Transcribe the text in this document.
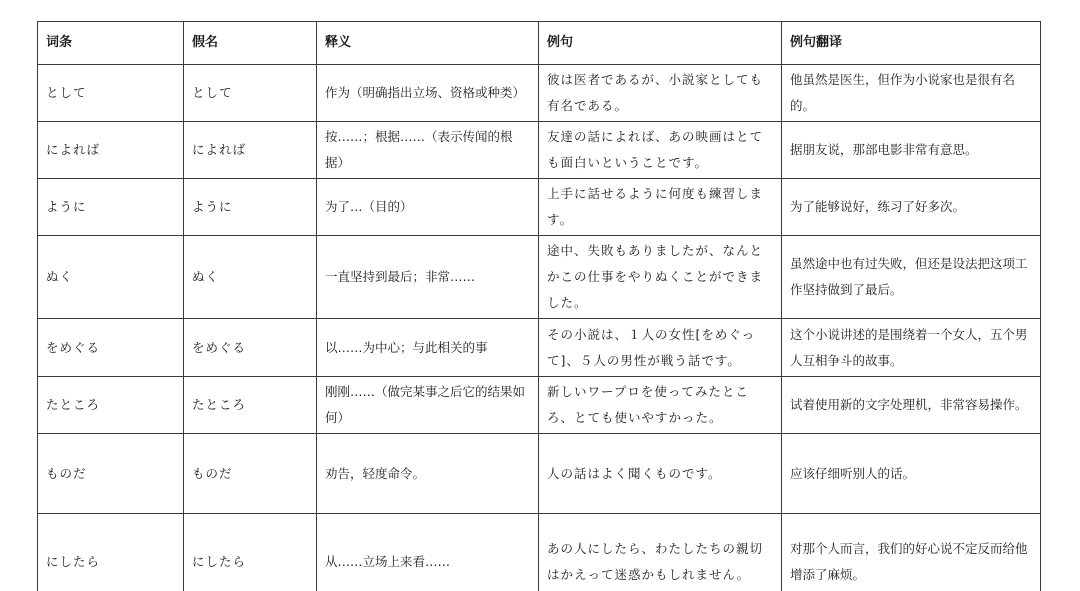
词条	假名	释义	例句	例句翻译
として	として	作为（明确指出立场、资格或种类）	彼は医者であるが、小説家としても有名である。	他虽然是医生，但作为小说家也是很有名的。
によれば	によれば	按……；根据……（表示传闻的根据）	友達の話によれば、あの映画はとても面白いということです。	据朋友说，那部电影非常有意思。
ように	ように	为了…（目的）	上手に話せるように何度も練習します。	为了能够说好，练习了好多次。
ぬく	ぬく	一直坚持到最后；非常……	途中、失敗もありましたが、なんとかこの仕事をやりぬくことができました。	虽然途中也有过失败，但还是设法把这项工作坚持做到了最后。
をめぐる	をめぐる	以……为中心；与此相关的事	その小説は、１人の女性[をめぐって]、５人の男性が戦う話です。	这个小说讲述的是围绕着一个女人，五个男人互相争斗的故事。
たところ	たところ	刚刚……（做完某事之后它的结果如何）	新しいワープロを使ってみたところ、とても使いやすかった。	试着使用新的文字处理机，非常容易操作。
ものだ	ものだ	劝告，轻度命令。	人の話はよく聞くものです。	应该仔细听别人的话。
にしたら	にしたら	从……立场上来看……	あの人にしたら、わたしたちの親切はかえって迷惑かもしれません。	对那个人而言，我们的好心说不定反而给他增添了麻烦。
